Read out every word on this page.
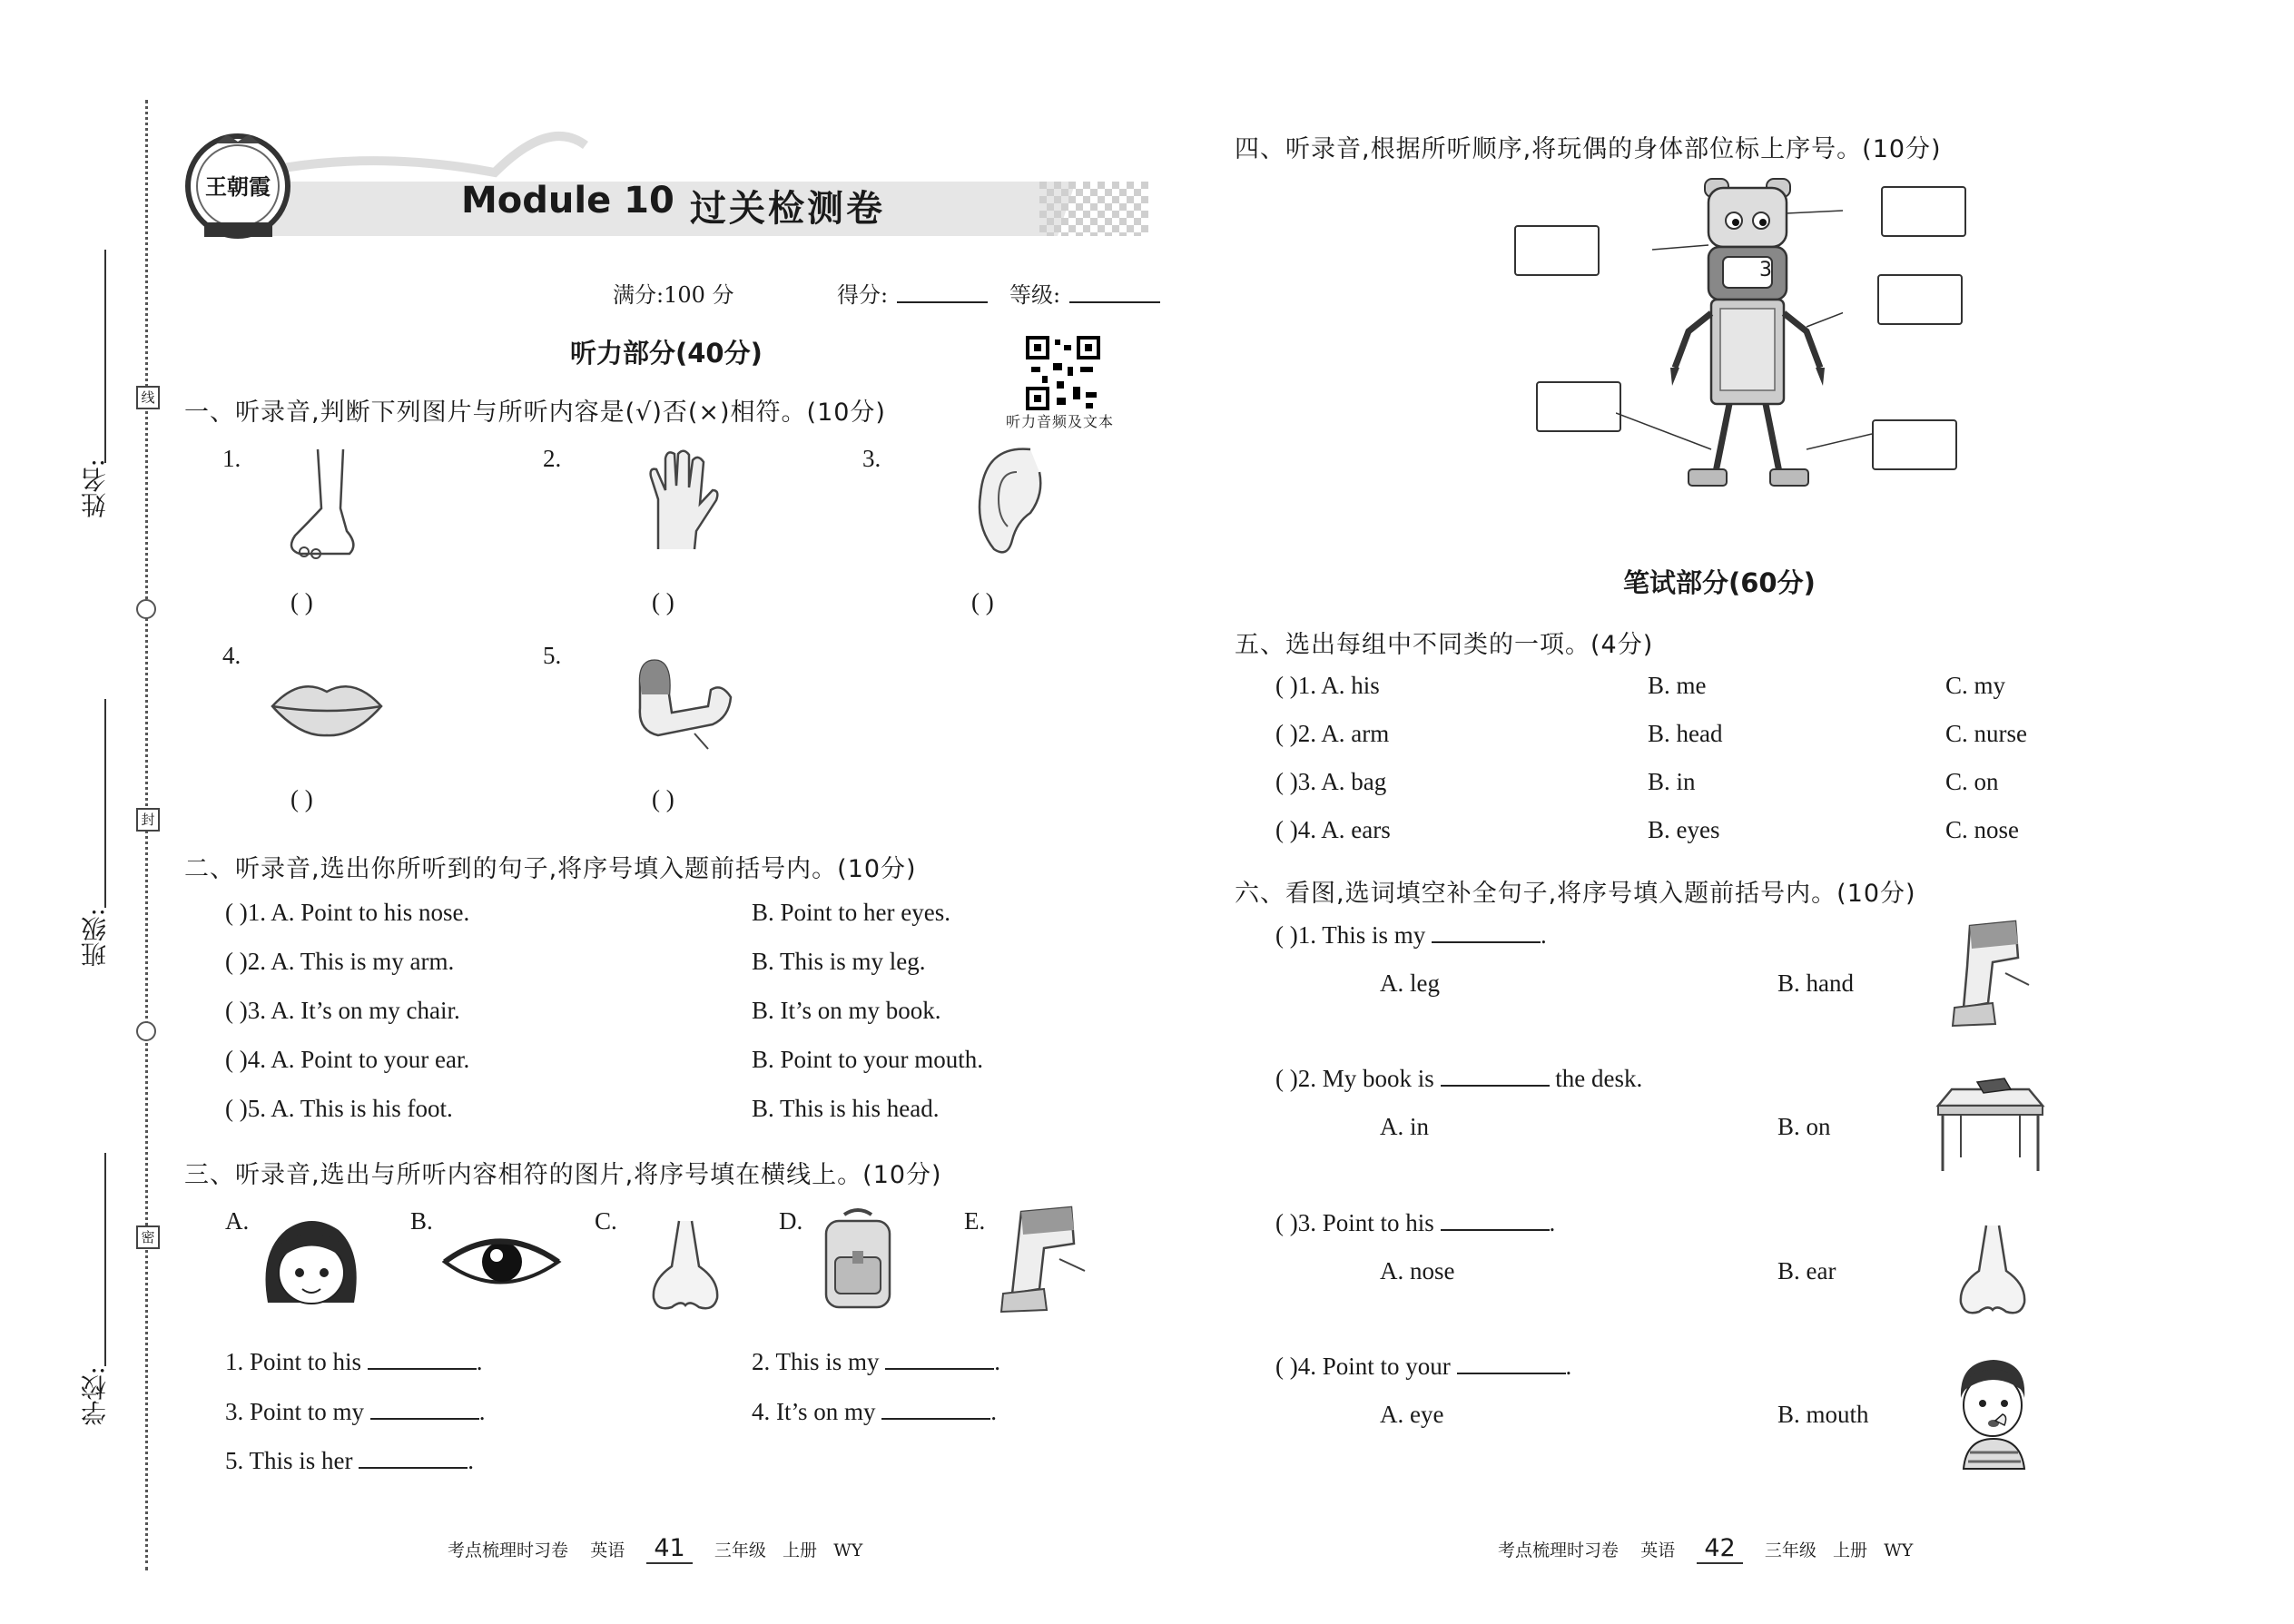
线
封
密
姓名:
班级:
学校:
王朝霞	Module 10 过关检测卷
满分:100 分	得分:	等级:
听力音频及文本
听力部分(40分)
一、听录音,判断下列图片与所听内容是(√)否(×)相符。(10分)
1.	2.	3.
4.	5.
( )	( )	( )
( )	( )
二、听录音,选出你所听到的句子,将序号填入题前括号内。(10分)
( )1. A. Point to his nose.	B. Point to her eyes.
( )2. A. This is my arm.	B. This is my leg.
( )3. A. It’s on my chair.	B. It’s on my book.
( )4. A. Point to your ear.	B. Point to your mouth.
( )5. A. This is his foot.	B. This is his head.
三、听录音,选出与所听内容相符的图片,将序号填在横线上。(10分)
A.	B.	C.	D.	E.
1. Point to his	.	2. This is my	.
3. Point to my	.	4. It’s on my	.
5. This is her	.
考点梳理时习卷 英语 41 三年级 上册 WY
四、听录音,根据所听顺序,将玩偶的身体部位标上序号。(10分)
3
笔试部分(60分)
五、选出每组中不同类的一项。(4分)
( )1. A. his	B. me	C. my
( )2. A. arm	B. head	C. nurse
( )3. A. bag	B. in	C. on
( )4. A. ears	B. eyes	C. nose
六、看图,选词填空补全句子,将序号填入题前括号内。(10分)
( )1. This is my	.
A. leg	B. hand
( )2. My book is	the desk.
A. in	B. on
( )3. Point to his	.
A. nose	B. ear
( )4. Point to your	.
A. eye	B. mouth
考点梳理时习卷 英语 42 三年级 上册 WY
